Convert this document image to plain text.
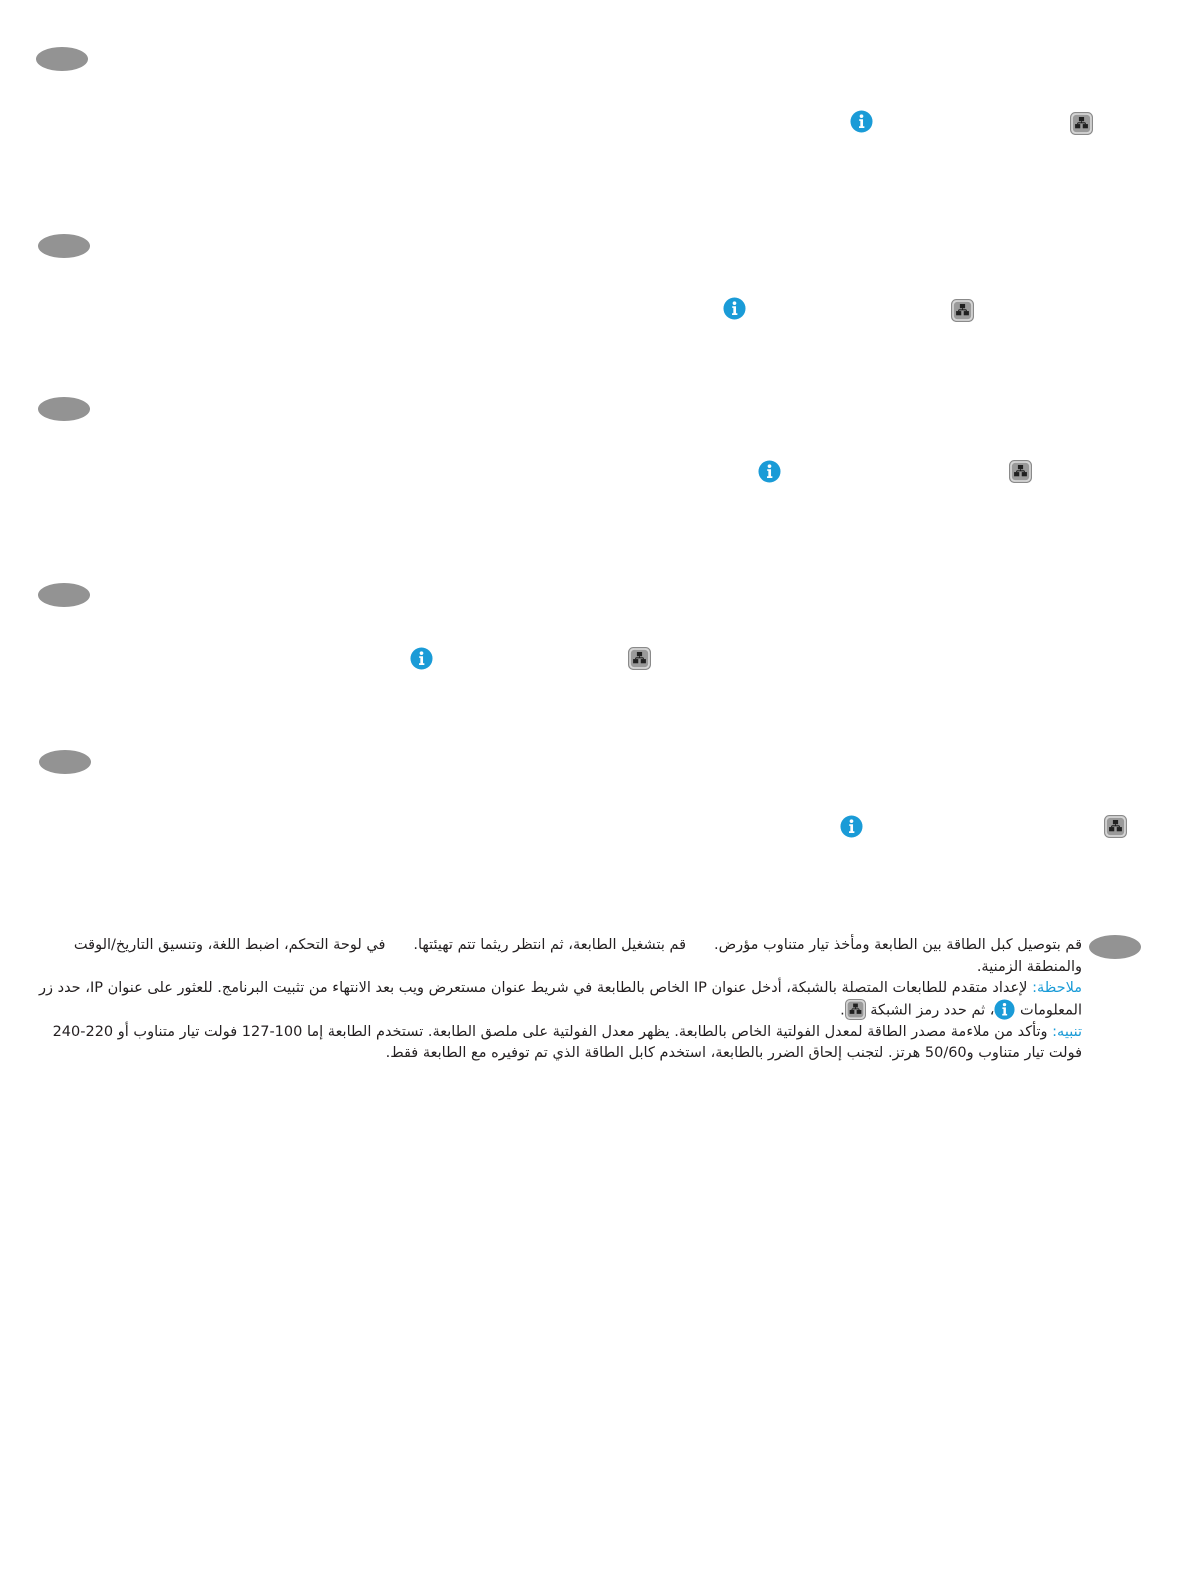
قم بتوصيل كبل الطاقة بين الطابعة ومأخذ تيار متناوب مؤرض.قم بتشغيل الطابعة، ثم انتظر ريثما تتم تهيئتها.في لوحة التحكم، اضبط اللغة، وتنسيق التاريخ/الوقت والمنطقة الزمنية.

ملاحظة: لإعداد متقدم للطابعات المتصلة بالشبكة، أدخل عنوان IP الخاص بالطابعة في شريط عنوان مستعرض ويب بعد الانتهاء من تثبيت البرنامج. للعثور على عنوان IP، حدد زر المعلومات
، ثم حدد رمز الشبكة
.

تنبيه: وتأكد من ملاءمة مصدر الطاقة لمعدل الفولتية الخاص بالطابعة. يظهر معدل الفولتية على ملصق الطابعة. تستخدم الطابعة إما 100-127 فولت تيار متناوب أو 220-240 فولت تيار متناوب و50/60 هرتز. لتجنب إلحاق الضرر بالطابعة، استخدم كابل الطاقة الذي تم توفيره مع الطابعة فقط.
